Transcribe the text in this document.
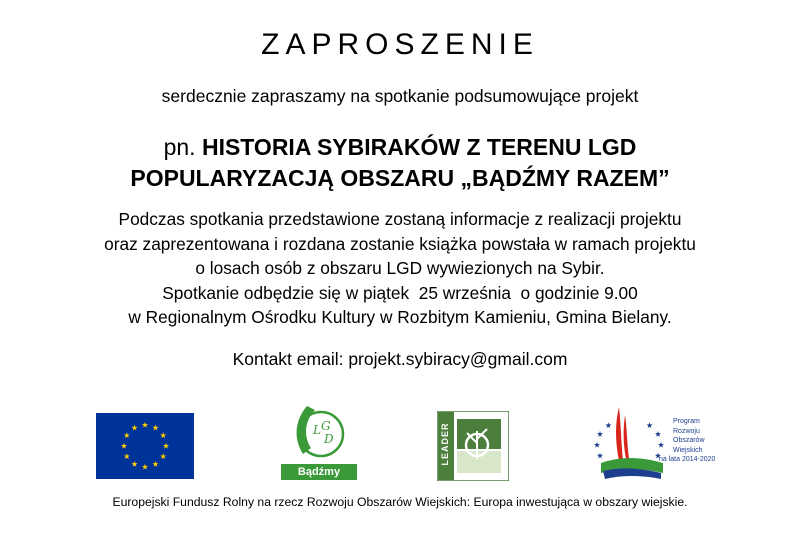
ZAPROSZENIE
serdecznie zapraszamy na spotkanie podsumowujące projekt
pn. HISTORIA SYBIRAKÓW Z TERENU LGD
POPULARYZACJĄ OBSZARU „BĄDŹMY RAZEM”
Podczas spotkania przedstawione zostaną informacje z realizacji projektu
oraz zaprezentowana i rozdana zostanie książka powstała w ramach projektu
o losach osób z obszaru LGD wywiezionych na Sybir.
Spotkanie odbędzie się w piątek  25 września  o godzinie 9.00
w Regionalnym Ośrodku Kultury w Rozbitym Kamieniu, Gmina Bielany.
Kontakt email: projekt.sybiracy@gmail.com
L G
D
Bądźmy Razem
LEADER
Program
Rozwoju
Obszarów
Wiejskich
na lata 2014-2020
Europejski Fundusz Rolny na rzecz Rozwoju Obszarów Wiejskich: Europa inwestująca w obszary wiejskie.
